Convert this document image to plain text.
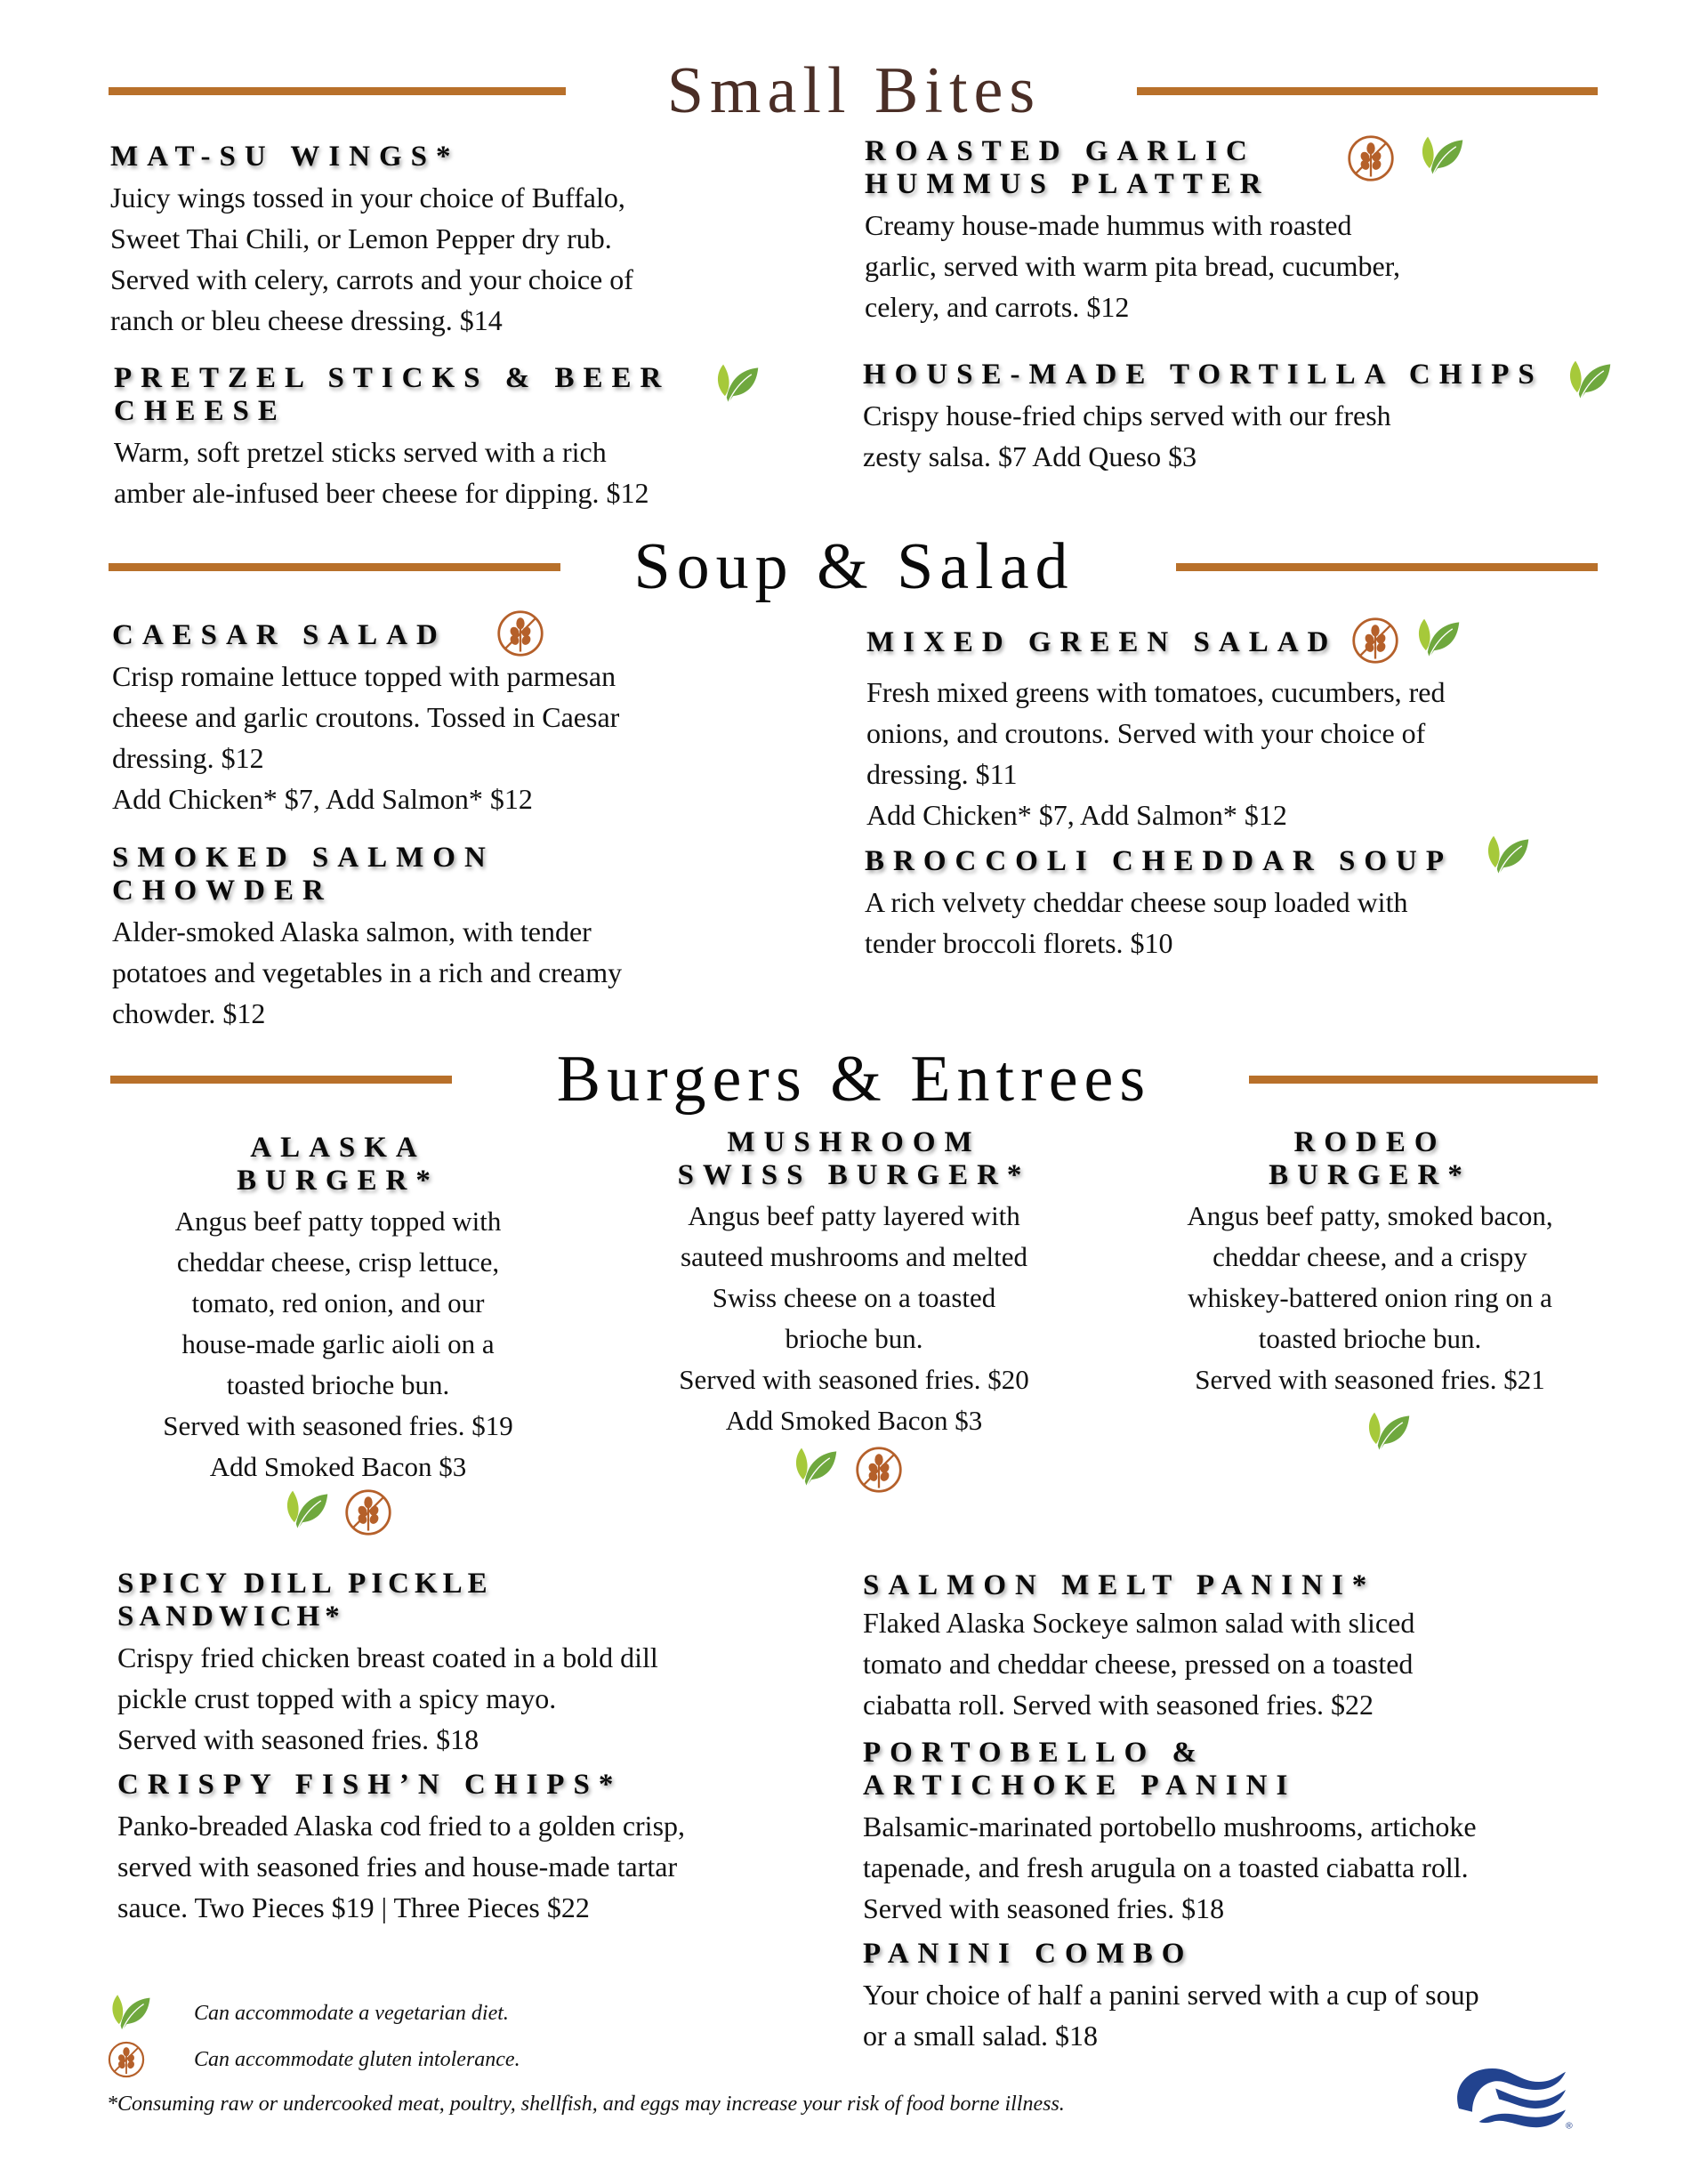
Small Bites
MAT-SU WINGS*
Juicy wings tossed in your choice of Buffalo,
Sweet Thai Chili, or Lemon Pepper dry rub.
Served with celery, carrots and your choice of
ranch or bleu cheese dressing. $14
PRETZEL STICKS & BEER
CHEESE
Warm, soft pretzel sticks served with a rich
amber ale-infused beer cheese for dipping. $12
ROASTED GARLIC
HUMMUS PLATTER
Creamy house-made hummus with roasted
garlic, served with warm pita bread, cucumber,
celery, and carrots. $12
HOUSE-MADE TORTILLA CHIPS
Crispy house-fried chips served with our fresh
zesty salsa. $7 Add Queso $3
Soup & Salad
CAESAR SALAD
Crisp romaine lettuce topped with parmesan
cheese and garlic croutons. Tossed in Caesar
dressing. $12
Add Chicken* $7, Add Salmon* $12
SMOKED SALMON
CHOWDER
Alder-smoked Alaska salmon, with tender
potatoes and vegetables in a rich and creamy
chowder. $12
MIXED GREEN SALAD
Fresh mixed greens with tomatoes, cucumbers, red
onions, and croutons. Served with your choice of
dressing. $11
Add Chicken* $7, Add Salmon* $12
BROCCOLI CHEDDAR SOUP
A rich velvety cheddar cheese soup loaded with
tender broccoli florets. $10
Burgers & Entrees
ALASKA
BURGER*
Angus beef patty topped with
cheddar cheese, crisp lettuce,
tomato, red onion, and our
house-made garlic aioli on a
toasted brioche bun.
Served with seasoned fries. $19
Add Smoked Bacon $3
MUSHROOM
SWISS BURGER*
Angus beef patty layered with
sauteed mushrooms and melted
Swiss cheese on a toasted
brioche bun.
Served with seasoned fries. $20
Add Smoked Bacon $3
RODEO
BURGER*
Angus beef patty, smoked bacon,
cheddar cheese, and a crispy
whiskey-battered onion ring on a
toasted brioche bun.
Served with seasoned fries. $21
SPICY DILL PICKLE
SANDWICH*
Crispy fried chicken breast coated in a bold dill
pickle crust topped with a spicy mayo.
Served with seasoned fries. $18
CRISPY FISH’N CHIPS*
Panko-breaded Alaska cod fried to a golden crisp,
served with seasoned fries and house-made tartar
sauce. Two Pieces $19 | Three Pieces $22
SALMON MELT PANINI*
Flaked Alaska Sockeye salmon salad with sliced
tomato and cheddar cheese, pressed on a toasted
ciabatta roll. Served with seasoned fries. $22
PORTOBELLO &
ARTICHOKE PANINI
Balsamic-marinated portobello mushrooms, artichoke
tapenade, and fresh arugula on a toasted ciabatta roll.
Served with seasoned fries. $18
PANINI COMBO
Your choice of half a panini served with a cup of soup
or a small salad. $18
Can accommodate a vegetarian diet.
Can accommodate gluten intolerance.
*Consuming raw or undercooked meat, poultry, shellfish, and eggs may increase your risk of food borne illness.
®
